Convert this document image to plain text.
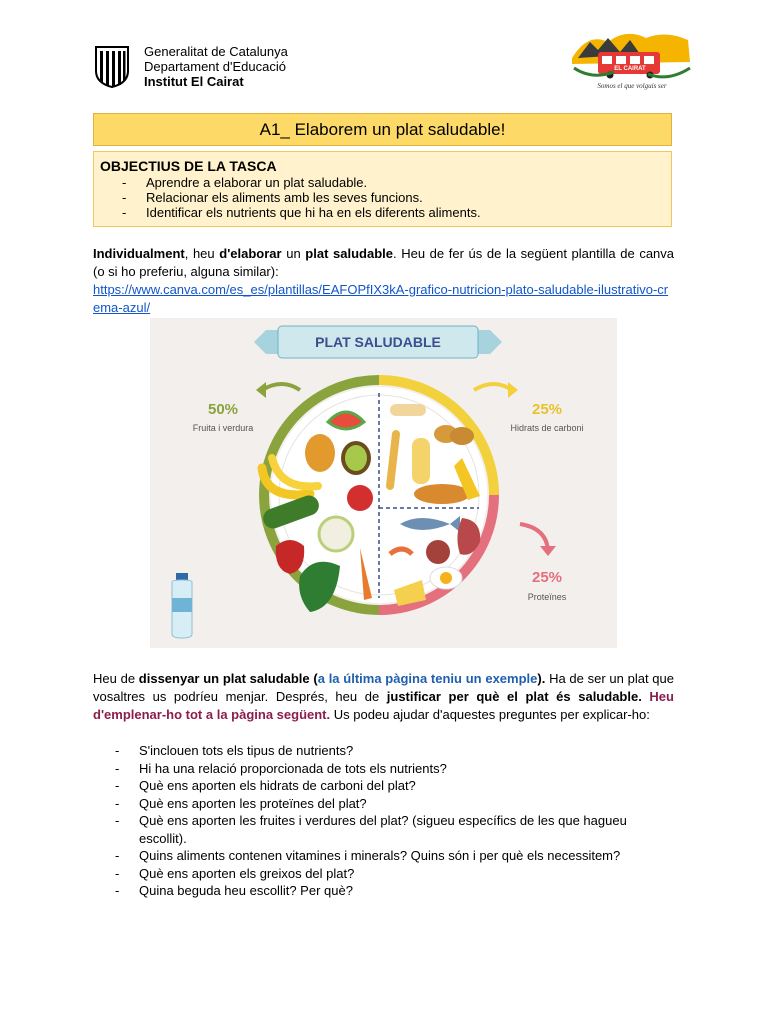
Generalitat de Catalunya
Departament d'Educació
Institut El Cairat
EL CAIRAT
Somos el que volguis ser
A1_ Elaborem un plat saludable!
OBJECTIUS DE LA TASCA
- Aprendre a elaborar un plat saludable.
- Relacionar els aliments amb les seves funcions.
- Identificar els nutrients que hi ha en els diferents aliments.
Individualment, heu d'elaborar un plat saludable. Heu de fer ús de la següent plantilla de canva (o si ho preferiu, alguna similar):
https://www.canva.com/es_es/plantillas/EAFOPfIX3kA-grafico-nutricion-plato-saludable-ilustrativo-crema-azul/
PLAT SALUDABLE
50%
Fruita i verdura
25%
Hidrats de carboni
25%
Proteïnes
Heu de dissenyar un plat saludable (a la última pàgina teniu un exemple). Ha de ser un plat que vosaltres us podríeu menjar. Després, heu de justificar per què el plat és saludable. Heu d'emplenar-ho tot a la pàgina següent. Us podeu ajudar d'aquestes preguntes per explicar-ho:
- S'inclouen tots els tipus de nutrients?
- Hi ha una relació proporcionada de tots els nutrients?
- Què ens aporten els hidrats de carboni del plat?
- Què ens aporten les proteïnes del plat?
- Què ens aporten les fruites i verdures del plat? (sigueu específics de les que hagueu escollit).
- Quins aliments contenen vitamines i minerals? Quins són i per què els necessitem?
- Què ens aporten els greixos del plat?
- Quina beguda heu escollit? Per què?
